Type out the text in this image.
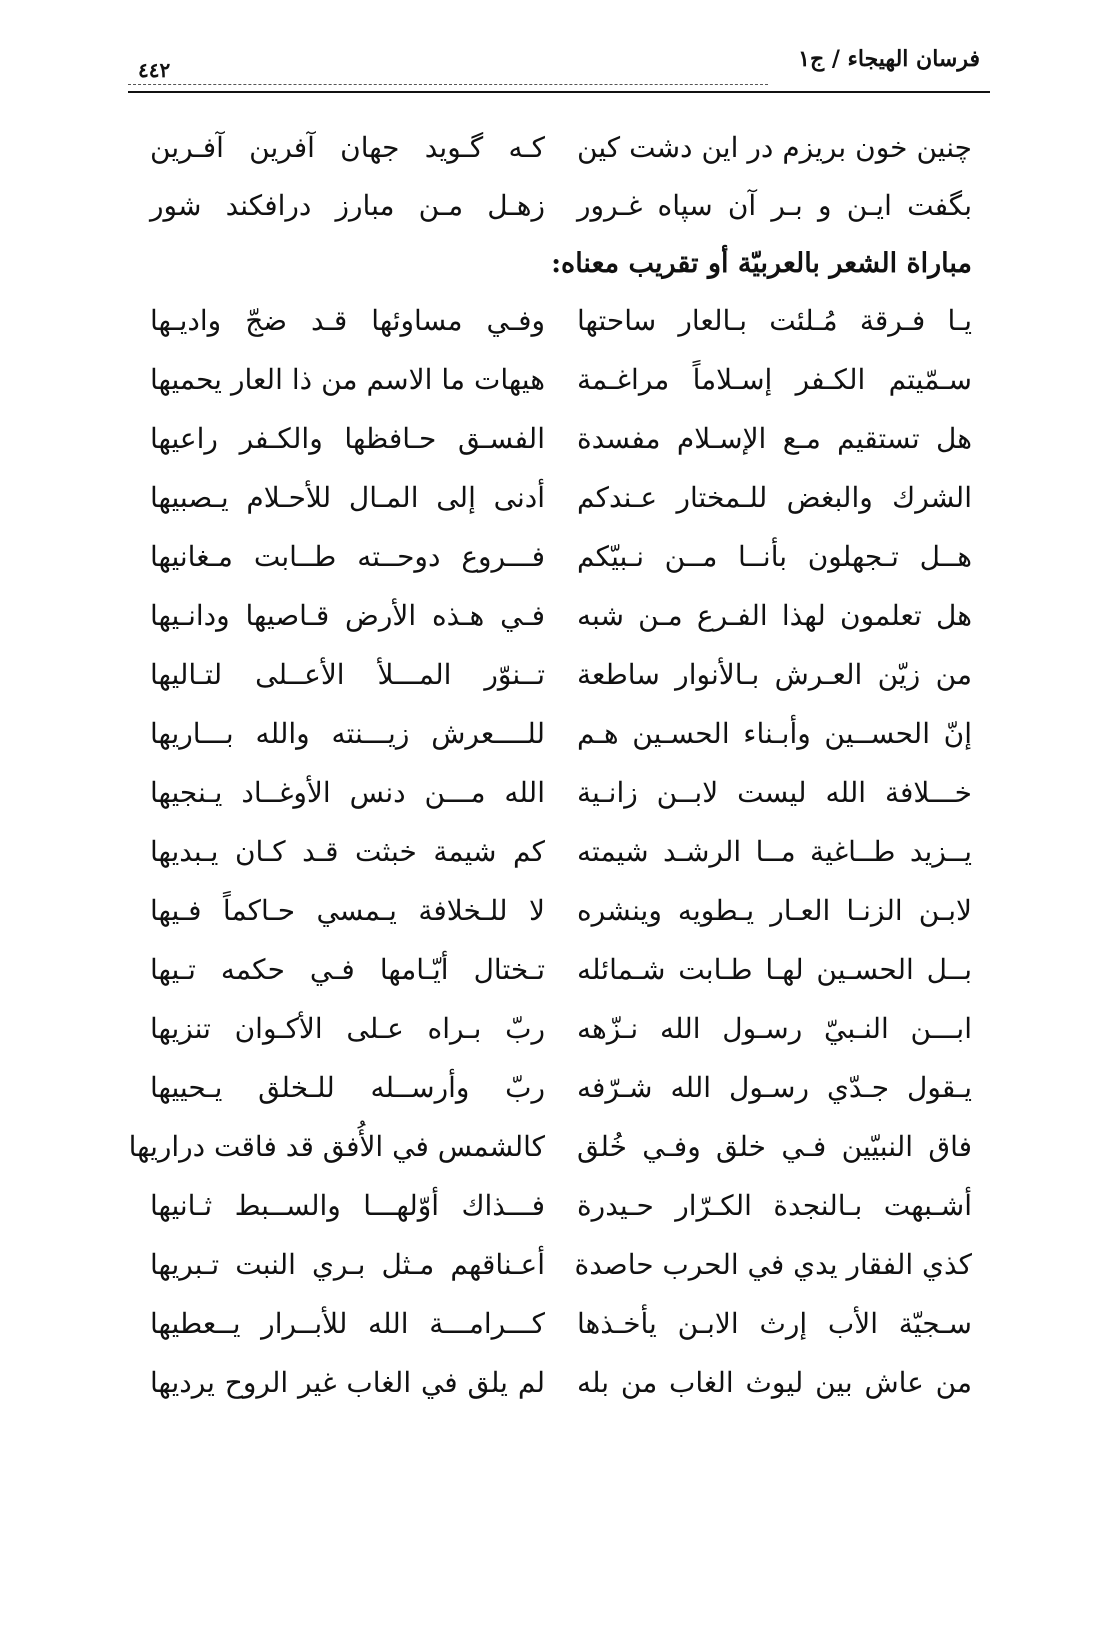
٤٤٢	فرسان الهيجاء / ج١
چنين خون بريزم در اين دشت كين
كـه گـويد جهان آفرين آفـرين
بگفت ايـن و بـر آن سپاه غـرور
زهـل مـن مبارز درافكند شور
مباراة الشعر بالعربيّة أو تقريب معناه:
يـا فـرقة مُـلئت بـالعار ساحتها
وفـي مساوئها قـد ضجّ واديـها
سـمّيتم الكـفر إسـلاماً مراغـمة
هيهات ما الاسم من ذا العار يحميها
هل تستقيم مـع الإسـلام مفسدة
الفسـق حـافظها والكـفر راعيها
الشرك والبغض للـمختار عـندكم
أدنى إلى المـال للأحـلام يـصبيها
هــل تـجهلون بأنــا مــن نـبيّكم
فـــروع دوحــته طــابت مـغانيها
هل تعلمون لهذا الفـرع مـن شبه
فـي هـذه الأرض قـاصيها ودانـيها
من زيّن العـرش بـالأنوار ساطعة
تــنوّر المـــلأ الأعــلى لتـاليها
إنّ الحســين وأبـناء الحسـين هـم
للــــعرش زيـــنته والله بـــاريها
خـــلافة الله ليست لابــن زانـية
الله مـــن دنس الأوغــاد يـنجيها
يــزيد طــاغية مــا الرشـد شيمته
كم شيمة خبثت قـد كـان يـبديها
لابـن الزنـا العـار يـطويه وينشره
لا للـخلافة يـمسي حـاكماً فـيها
بــل الحسـين لهـا طـابت شـمائله
تـختال أيّـامها فـي حكمه تـيها
ابـــن النـبيّ رسـول الله نـزّهه
ربّ بـراه عـلى الأكـوان تنزيها
يـقول جـدّي رسـول الله شـرّفه
ربّ وأرســله للـخلق يـحييها
فاق النبيّين فـي خلق وفـي خُلق
كالشمس في الأُفق قد فاقت دراريها
أشـبهت بـالنجدة الكـرّار حـيدرة
فـــذاك أوّلهـــا والســبط ثـانيها
كذي الفقار يدي في الحرب حاصدة
أعـناقهم مـثل بـري النبت تـبريها
سـجيّة الأب إرث الابـن يأخـذها
كـــرامـــة الله للأبــرار يــعطيها
من عاش بين ليوث الغاب من بله
لم يلق في الغاب غير الروح يرديها
